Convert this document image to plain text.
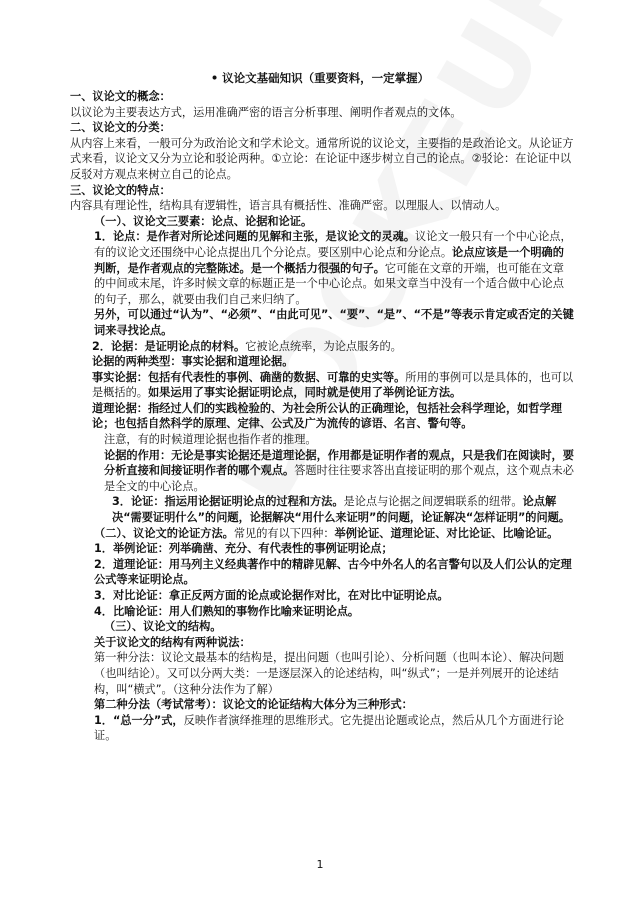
• 议论文基础知识（重要资料，一定掌握）

一、议论文的概念：

以议论为主要表达方式，运用准确严密的语言分析事理、阐明作者观点的文体。

二、议论文的分类：

从内容上来看，一般可分为政治论文和学术论文。通常所说的议论文，主要指的是政治论文。从论证方式来看，议论文又分为立论和驳论两种。①立论：在论证中逐步树立自己的论点。②驳论：在论证中以反驳对方观点来树立自己的论点。

三、议论文的特点：

内容具有理论性，结构具有逻辑性，语言具有概括性、准确严密。以理服人、以情动人。

（一）、议论文三要素：论点、论据和论证。

1．论点：是作者对所论述问题的见解和主张，是议论文的灵魂。议论文一般只有一个中心论点，有的议论文还围绕中心论点提出几个分论点。要区别中心论点和分论点。论点应该是一个明确的判断，是作者观点的完整陈述。是一个概括力很强的句子。它可能在文章的开端，也可能在文章的中间或末尾，许多时候文章的标题正是一个中心论点。如果文章当中没有一个适合做中心论点的句子，那么，就要由我们自己来归纳了。

另外，可以通过“认为”、“必须”、“由此可见”、“要”、“是”、“不是”等表示肯定或否定的关键词来寻找论点。

2．论据：是证明论点的材料。它被论点统率，为论点服务的。

论据的两种类型：事实论据和道理论据。

事实论据：包括有代表性的事例、确凿的数据、可靠的史实等。所用的事例可以是具体的，也可以是概括的。如果运用了事实论据证明论点，同时就是使用了举例论证方法。

道理论据：指经过人们的实践检验的、为社会所公认的正确理论，包括社会科学理论，如哲学理论；也包括自然科学的原理、定律、公式及广为流传的谚语、名言、警句等。

注意，有的时候道理论据也指作者的推理。

论据的作用：无论是事实论据还是道理论据，作用都是证明作者的观点，只是我们在阅读时，要分析直接和间接证明作者的哪个观点。答题时往往要求答出直接证明的那个观点，这个观点未必是全文的中心论点。

3．论证：指运用论据证明论点的过程和方法。是论点与论据之间逻辑联系的纽带。论点解决“需要证明什么”的问题，论据解决“用什么来证明”的问题，论证解决“怎样证明”的问题。

（二）、议论文的论证方法。常见的有以下四种：举例论证、道理论证、对比论证、比喻论证。

1．举例论证：列举确凿、充分、有代表性的事例证明论点；

2．道理论证：用马列主义经典著作中的精辟见解、古今中外名人的名言警句以及人们公认的定理公式等来证明论点。

3．对比论证：拿正反两方面的论点或论据作对比，在对比中证明论点。

4．比喻论证：用人们熟知的事物作比喻来证明论点。

（三）、议论文的结构。

关于议论文的结构有两种说法：

第一种分法：议论文最基本的结构是，提出问题（也叫引论）、分析问题（也叫本论）、解决问题（也叫结论）。又可以分两大类：一是逐层深入的论述结构，叫“纵式”；一是并列展开的论述结构，叫“横式”。（这种分法作为了解）

第二种分法（考试常考）：议论文的论证结构大体分为三种形式：

1．“总一分”式，反映作者演绎推理的思维形式。它先提出论题或论点，然后从几个方面进行论证。

1
